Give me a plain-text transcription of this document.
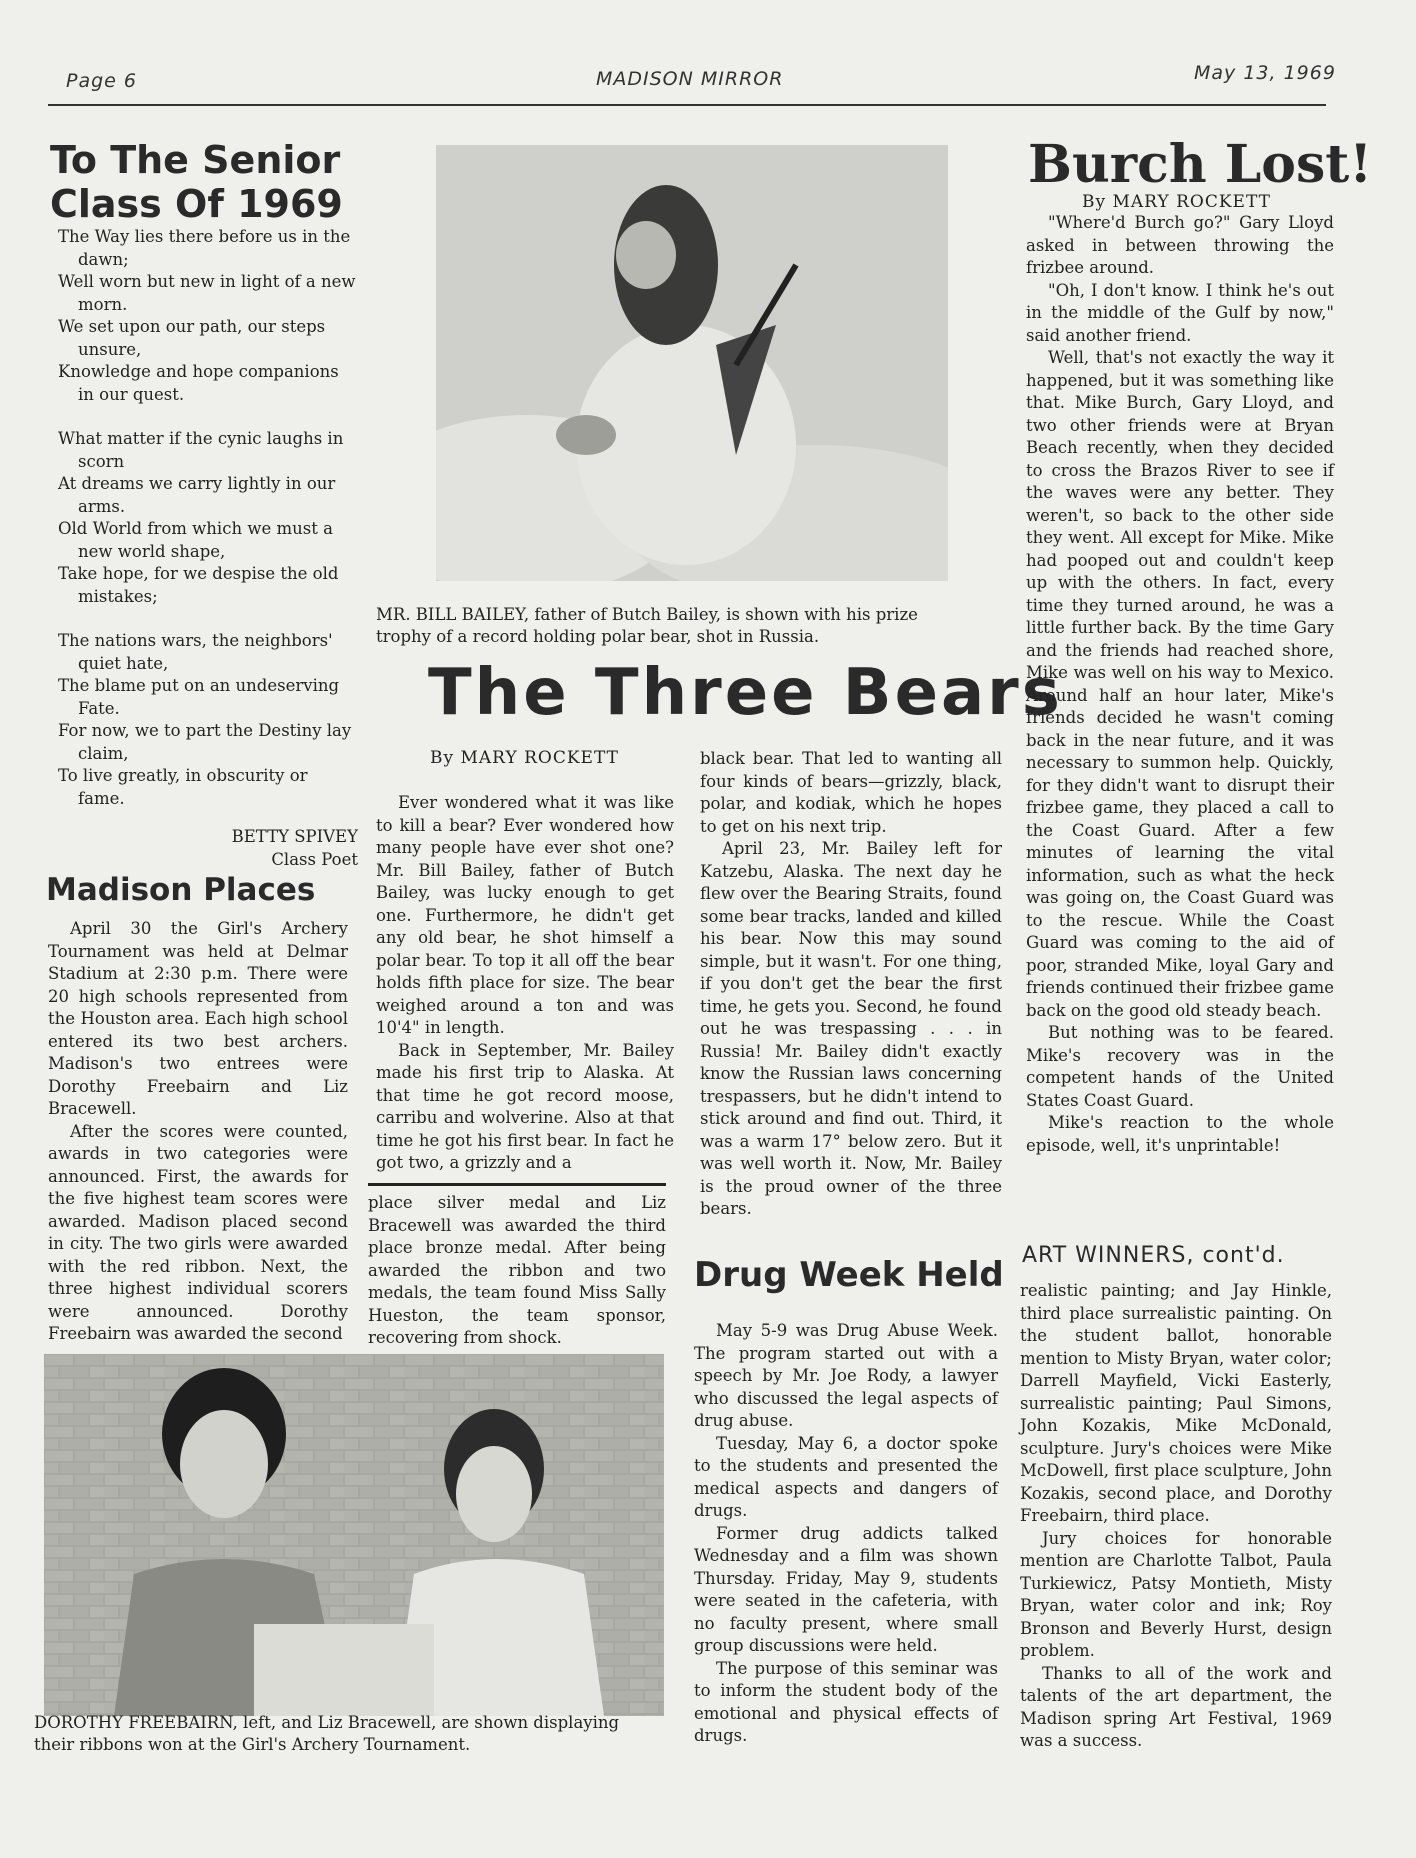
Page 6	MADISON MIRROR	May 13, 1969
To The Senior Class Of 1969
The Way lies there before us in the dawn;
Well worn but new in light of a new morn.
We set upon our path, our steps unsure,
Knowledge and hope companions in our quest.
What matter if the cynic laughs in scorn
At dreams we carry lightly in our arms.
Old World from which we must a new world shape,
Take hope, for we despise the old mistakes;
The nations wars, the neighbors' quiet hate,
The blame put on an undeserving Fate.
For now, we to part the Destiny lay claim,
To live greatly, in obscurity or fame.
BETTY SPIVEY
Class Poet
Madison Places

April 30 the Girl's Archery Tournament was held at Delmar Stadium at 2:30 p.m. There were 20 high schools represented from the Houston area. Each high school entered its two best archers. Madison's two entrees were Dorothy Freebairn and Liz Bracewell.

After the scores were counted, awards in two categories were announced. First, the awards for the five highest team scores were awarded. Madison placed second in city. The two girls were awarded with the red ribbon. Next, the three highest individual scorers were announced. Dorothy Freebairn was awarded the second

place silver medal and Liz Bracewell was awarded the third place bronze medal. After being awarded the ribbon and two medals, the team found Miss Sally Hueston, the team sponsor, recovering from shock.

DOROTHY FREEBAIRN, left, and Liz Bracewell, are shown displaying their ribbons won at the Girl's Archery Tournament.
MR. BILL BAILEY, father of Butch Bailey, is shown with his prize trophy of a record holding polar bear, shot in Russia.
The Three Bears
By MARY ROCKETT

Ever wondered what it was like to kill a bear? Ever wondered how many people have ever shot one? Mr. Bill Bailey, father of Butch Bailey, was lucky enough to get one. Furthermore, he didn't get any old bear, he shot himself a polar bear. To top it all off the bear holds fifth place for size. The bear weighed around a ton and was 10'4" in length.

Back in September, Mr. Bailey made his first trip to Alaska. At that time he got record moose, carribu and wolverine. Also at that time he got his first bear. In fact he got two, a grizzly and a

black bear. That led to wanting all four kinds of bears—grizzly, black, polar, and kodiak, which he hopes to get on his next trip.

April 23, Mr. Bailey left for Katzebu, Alaska. The next day he flew over the Bearing Straits, found some bear tracks, landed and killed his bear. Now this may sound simple, but it wasn't. For one thing, if you don't get the bear the first time, he gets you. Second, he found out he was trespassing . . . in Russia! Mr. Bailey didn't exactly know the Russian laws concerning trespassers, but he didn't intend to stick around and find out. Third, it was a warm 17° below zero. But it was well worth it. Now, Mr. Bailey is the proud owner of the three bears.

Drug Week Held

May 5-9 was Drug Abuse Week. The program started out with a speech by Mr. Joe Rody, a lawyer who discussed the legal aspects of drug abuse.

Tuesday, May 6, a doctor spoke to the students and presented the medical aspects and dangers of drugs.

Former drug addicts talked Wednesday and a film was shown Thursday. Friday, May 9, students were seated in the cafeteria, with no faculty present, where small group discussions were held.

The purpose of this seminar was to inform the student body of the emotional and physical effects of drugs.

Burch Lost!
By MARY ROCKETT

"Where'd Burch go?" Gary Lloyd asked in between throwing the frizbee around.

"Oh, I don't know. I think he's out in the middle of the Gulf by now," said another friend.

Well, that's not exactly the way it happened, but it was something like that. Mike Burch, Gary Lloyd, and two other friends were at Bryan Beach recently, when they decided to cross the Brazos River to see if the waves were any better. They weren't, so back to the other side they went. All except for Mike. Mike had pooped out and couldn't keep up with the others. In fact, every time they turned around, he was a little further back. By the time Gary and the friends had reached shore, Mike was well on his way to Mexico. Around half an hour later, Mike's friends decided he wasn't coming back in the near future, and it was necessary to summon help. Quickly, for they didn't want to disrupt their frizbee game, they placed a call to the Coast Guard. After a few minutes of learning the vital information, such as what the heck was going on, the Coast Guard was to the rescue. While the Coast Guard was coming to the aid of poor, stranded Mike, loyal Gary and friends continued their frizbee game back on the good old steady beach.

But nothing was to be feared. Mike's recovery was in the competent hands of the United States Coast Guard.

Mike's reaction to the whole episode, well, it's unprintable!

ART WINNERS, cont'd.

realistic painting; and Jay Hinkle, third place surrealistic painting. On the student ballot, honorable mention to Misty Bryan, water color; Darrell Mayfield, Vicki Easterly, surrealistic painting; Paul Simons, John Kozakis, Mike McDonald, sculpture. Jury's choices were Mike McDowell, first place sculpture, John Kozakis, second place, and Dorothy Freebairn, third place.

Jury choices for honorable mention are Charlotte Talbot, Paula Turkiewicz, Patsy Montieth, Misty Bryan, water color and ink; Roy Bronson and Beverly Hurst, design problem.

Thanks to all of the work and talents of the art department, the Madison spring Art Festival, 1969 was a success.
